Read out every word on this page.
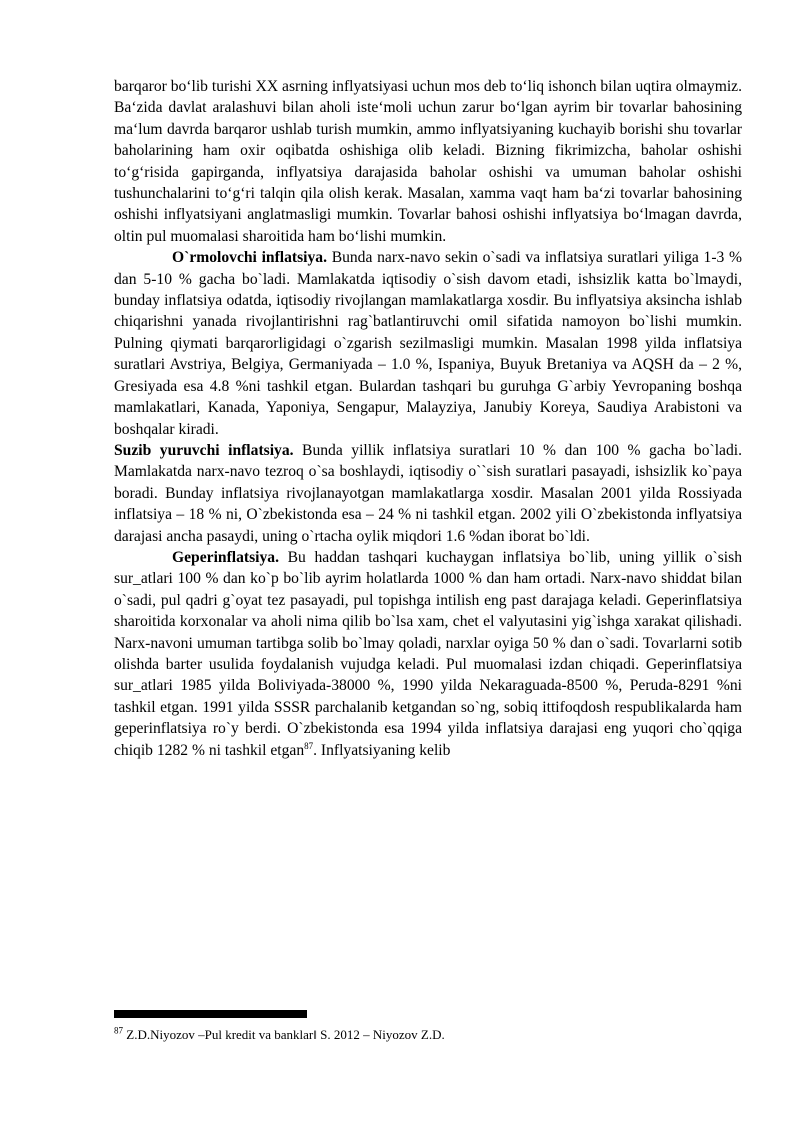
barqaror bo‘lib turishi XX asrning inflyatsiyasi uchun mos deb to‘liq ishonch bilan uqtira olmaymiz. Ba‘zida davlat aralashuvi bilan aholi iste‘moli uchun zarur bo‘lgan ayrim bir tovarlar bahosining ma‘lum davrda barqaror ushlab turish mumkin, ammo inflyatsiyaning kuchayib borishi shu tovarlar baholarining ham oxir oqibatda oshishiga olib keladi. Bizning fikrimizcha, baholar oshishi to‘g‘risida gapirganda, inflyatsiya darajasida baholar oshishi va umuman baholar oshishi tushunchalarini to‘g‘ri talqin qila olish kerak. Masalan, xamma vaqt ham ba‘zi tovarlar bahosining oshishi inflyatsiyani anglatmasligi mumkin. Tovarlar bahosi oshishi inflyatsiya bo‘lmagan davrda, oltin pul muomalasi sharoitida ham bo‘lishi mumkin.

O`rmolovchi inflatsiya. Bunda narx-navo sekin o`sadi va inflatsiya suratlari yiliga 1-3 % dan 5-10 % gacha bo`ladi. Mamlakatda iqtisodiy o`sish davom etadi, ishsizlik katta bo`lmaydi, bunday inflatsiya odatda, iqtisodiy rivojlangan mamlakatlarga xosdir. Bu inflyatsiya aksincha ishlab chiqarishni yanada rivojlantirishni rag`batlantiruvchi omil sifatida namoyon bo`lishi mumkin. Pulning qiymati barqarorligidagi o`zgarish sezilmasligi mumkin. Masalan 1998 yilda inflatsiya suratlari Avstriya, Belgiya, Germaniyada – 1.0 %, Ispaniya, Buyuk Bretaniya va AQSH da – 2 %, Gresiyada esa 4.8 %ni tashkil etgan. Bulardan tashqari bu guruhga G`arbiy Yevropaning boshqa mamlakatlari, Kanada, Yaponiya, Sengapur, Malayziya, Janubiy Koreya, Saudiya Arabistoni va boshqalar kiradi.

Suzib yuruvchi inflatsiya. Bunda yillik inflatsiya suratlari 10 % dan 100 % gacha bo`ladi. Mamlakatda narx-navo tezroq o`sa boshlaydi, iqtisodiy o``sish suratlari pasayadi, ishsizlik ko`paya boradi. Bunday inflatsiya rivojlanayotgan mamlakatlarga xosdir. Masalan 2001 yilda Rossiyada inflatsiya – 18 % ni, O`zbekistonda esa – 24 % ni tashkil etgan. 2002 yili O`zbekistonda inflyatsiya darajasi ancha pasaydi, uning o`rtacha oylik miqdori 1.6 %dan iborat bo`ldi.

Geperinflatsiya. Bu haddan tashqari kuchaygan inflatsiya bo`lib, uning yillik o`sish sur_atlari 100 % dan ko`p bo`lib ayrim holatlarda 1000 % dan ham ortadi. Narx-navo shiddat bilan o`sadi, pul qadri g`oyat tez pasayadi, pul topishga intilish eng past darajaga keladi. Geperinflatsiya sharoitida korxonalar va aholi nima qilib bo`lsa xam, chet el valyutasini yig`ishga xarakat qilishadi. Narx-navoni umuman tartibga solib bo`lmay qoladi, narxlar oyiga 50 % dan o`sadi. Tovarlarni sotib olishda barter usulida foydalanish vujudga keladi. Pul muomalasi izdan chiqadi. Geperinflatsiya sur_atlari 1985 yilda Boliviyada-38000 %, 1990 yilda Nekaraguada-8500 %, Peruda-8291 %ni tashkil etgan. 1991 yilda SSSR parchalanib ketgandan so`ng, sobiq ittifoqdosh respublikalarda ham geperinflatsiya ro`y berdi. O`zbekistonda esa 1994 yilda inflatsiya darajasi eng yuqori cho`qqiga chiqib 1282 % ni tashkil etgan$^{87}$. Inflyatsiyaning kelib

$^{87}$ Z.D.Niyozov –Pul kredit va banklar‖ S. 2012 – Niyozov Z.D.
